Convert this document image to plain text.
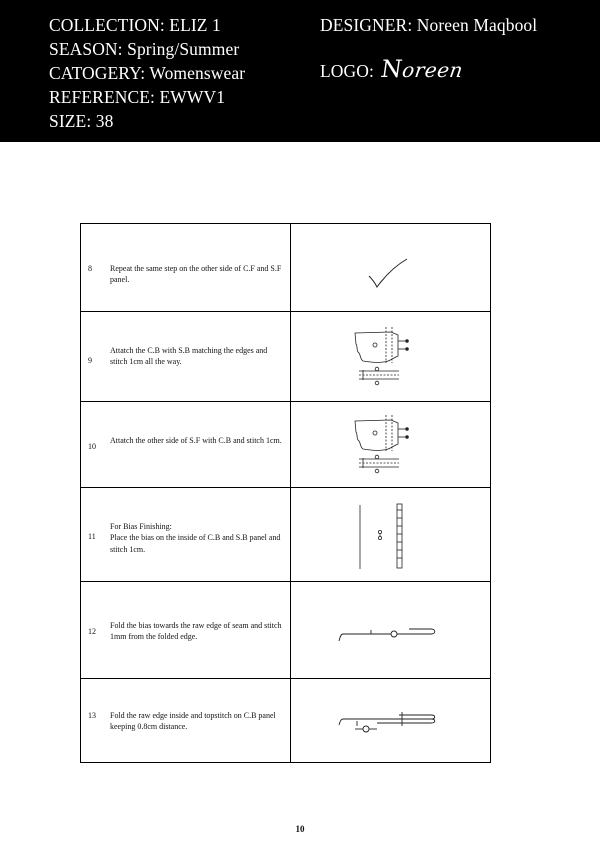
COLLECTION: ELIZ 1
SEASON: Spring/Summer
CATOGERY: Womenswear
REFERENCE: EWWV1
SIZE: 38
DESIGNER: Noreen Maqbool
LOGO: Noreen
8 Repeat the same step on the other side of C.F and S.F panel.
9
Attatch the C.B with S.B matching the edges and stitch 1cm all the way.
10
Attatch the other side of S.F with C.B and stitch 1cm.
11
For Bias Finishing:
Place the bias on the inside of C.B and S.B panel and stitch 1cm.
12
Fold the bias towards the raw edge of seam and stitch 1mm from the folded edge.
13 Fold the raw edge inside and topstitch on C.B panel keeping 0.8cm distance.
10
